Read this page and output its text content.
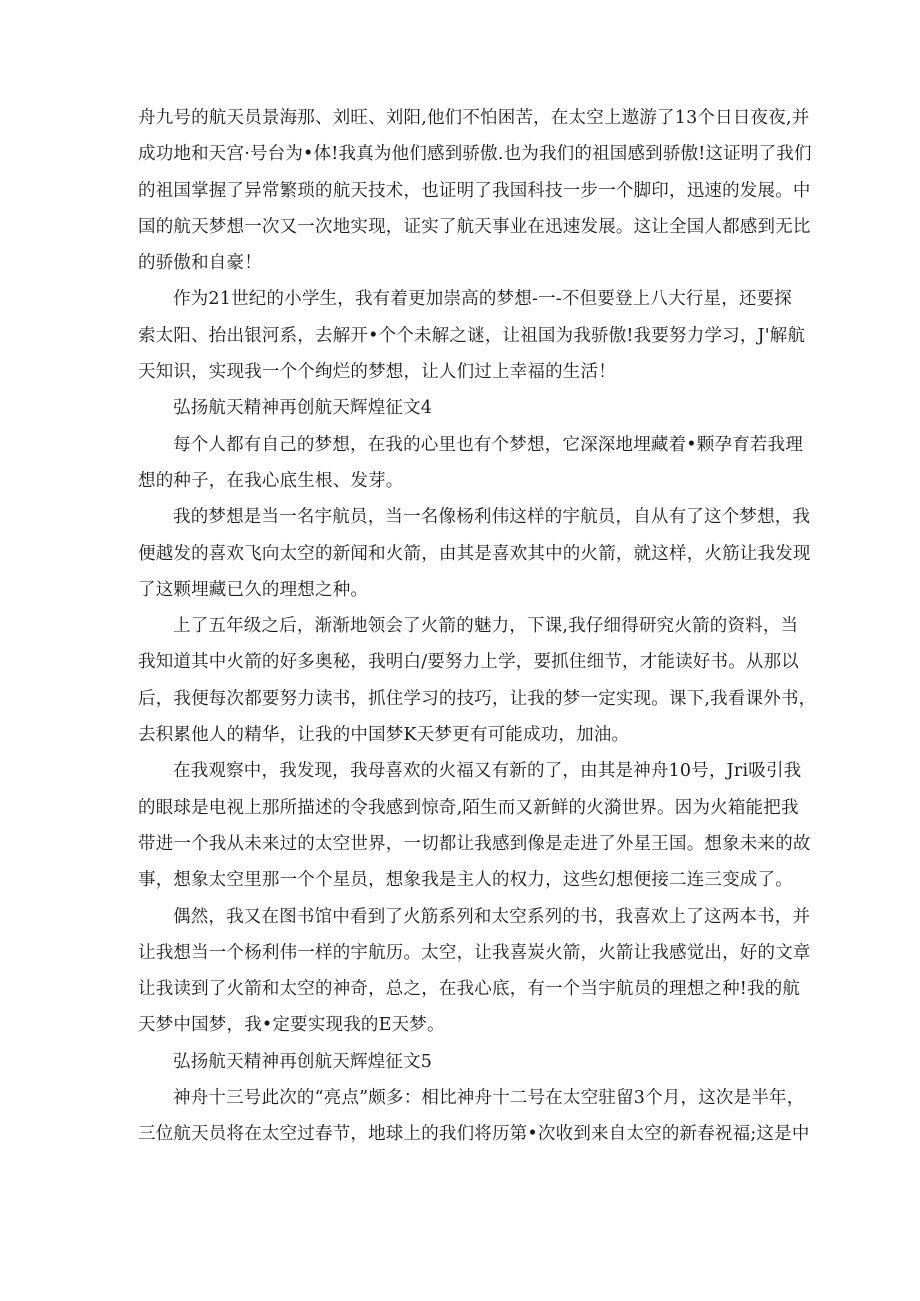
舟九号的航天员景海那、刘旺、刘阳,他们不怕困苦，在太空上遨游了13个日日夜夜,并
成功地和天宫·号台为•体!我真为他们感到骄傲.也为我们的祖国感到骄傲!这证明了我们
的祖国掌握了异常繁琐的航天技术，也证明了我国科技一步一个脚印，迅速的发展。中
国的航天梦想一次又一次地实现，证实了航天事业在迅速发展。这让全国人都感到无比
的骄傲和自豪！
作为21世纪的小学生，我有着更加崇高的梦想-一-不但要登上八大行星，还要探
索太阳、抬出银河系，去解开•个个未解之谜，让祖国为我骄傲!我要努力学习，J'解航
天知识，实现我一个个绚烂的梦想，让人们过上幸福的生活！
弘扬航天精神再创航天辉煌征文4
每个人都有自己的梦想，在我的心里也有个梦想，它深深地埋藏着•颗孕育若我理
想的种子，在我心底生根、发芽。
我的梦想是当一名宇航员，当一名像杨利伟这样的宇航员，自从有了这个梦想，我
便越发的喜欢飞向太空的新闻和火箭，由其是喜欢其中的火箭，就这样，火筋让我发现
了这颗埋藏已久的理想之种。
上了五年级之后，渐渐地领会了火箭的魅力，下课,我仔细得研究火箭的资料，当
我知道其中火箭的好多奥秘，我明白/要努力上学，要抓住细节，才能读好书。从那以
后，我便每次都要努力读书，抓住学习的技巧，让我的梦一定实现。课下,我看课外书，
去积累他人的精华，让我的中国梦K天梦更有可能成功，加油。
在我观察中，我发现，我母喜欢的火福又有新的了，由其是神舟10号，Jri吸引我
的眼球是电视上那所描述的令我感到惊奇,陌生而又新鲜的火漪世界。因为火箱能把我
带进一个我从未来过的太空世界，一切都让我感到像是走进了外星王国。想象未来的故
事，想象太空里那一个个星员，想象我是主人的权力，这些幻想便接二连三变成了。
偶然，我又在图书馆中看到了火筋系列和太空系列的书，我喜欢上了这两本书，并
让我想当一个杨利伟一样的宇航历。太空，让我喜炭火箭，火箭让我感觉出，好的文章
让我读到了火箭和太空的神奇，总之，在我心底，有一个当宇航员的理想之种!我的航
天梦中国梦，我•定要实现我的E天梦。
弘扬航天精神再创航天辉煌征文5
神舟十三号此次的“亮点”颇多：相比神舟十二号在太空驻留3个月，这次是半年，
三位航天员将在太空过春节，地球上的我们将历第•次收到来自太空的新春祝福;这是中
